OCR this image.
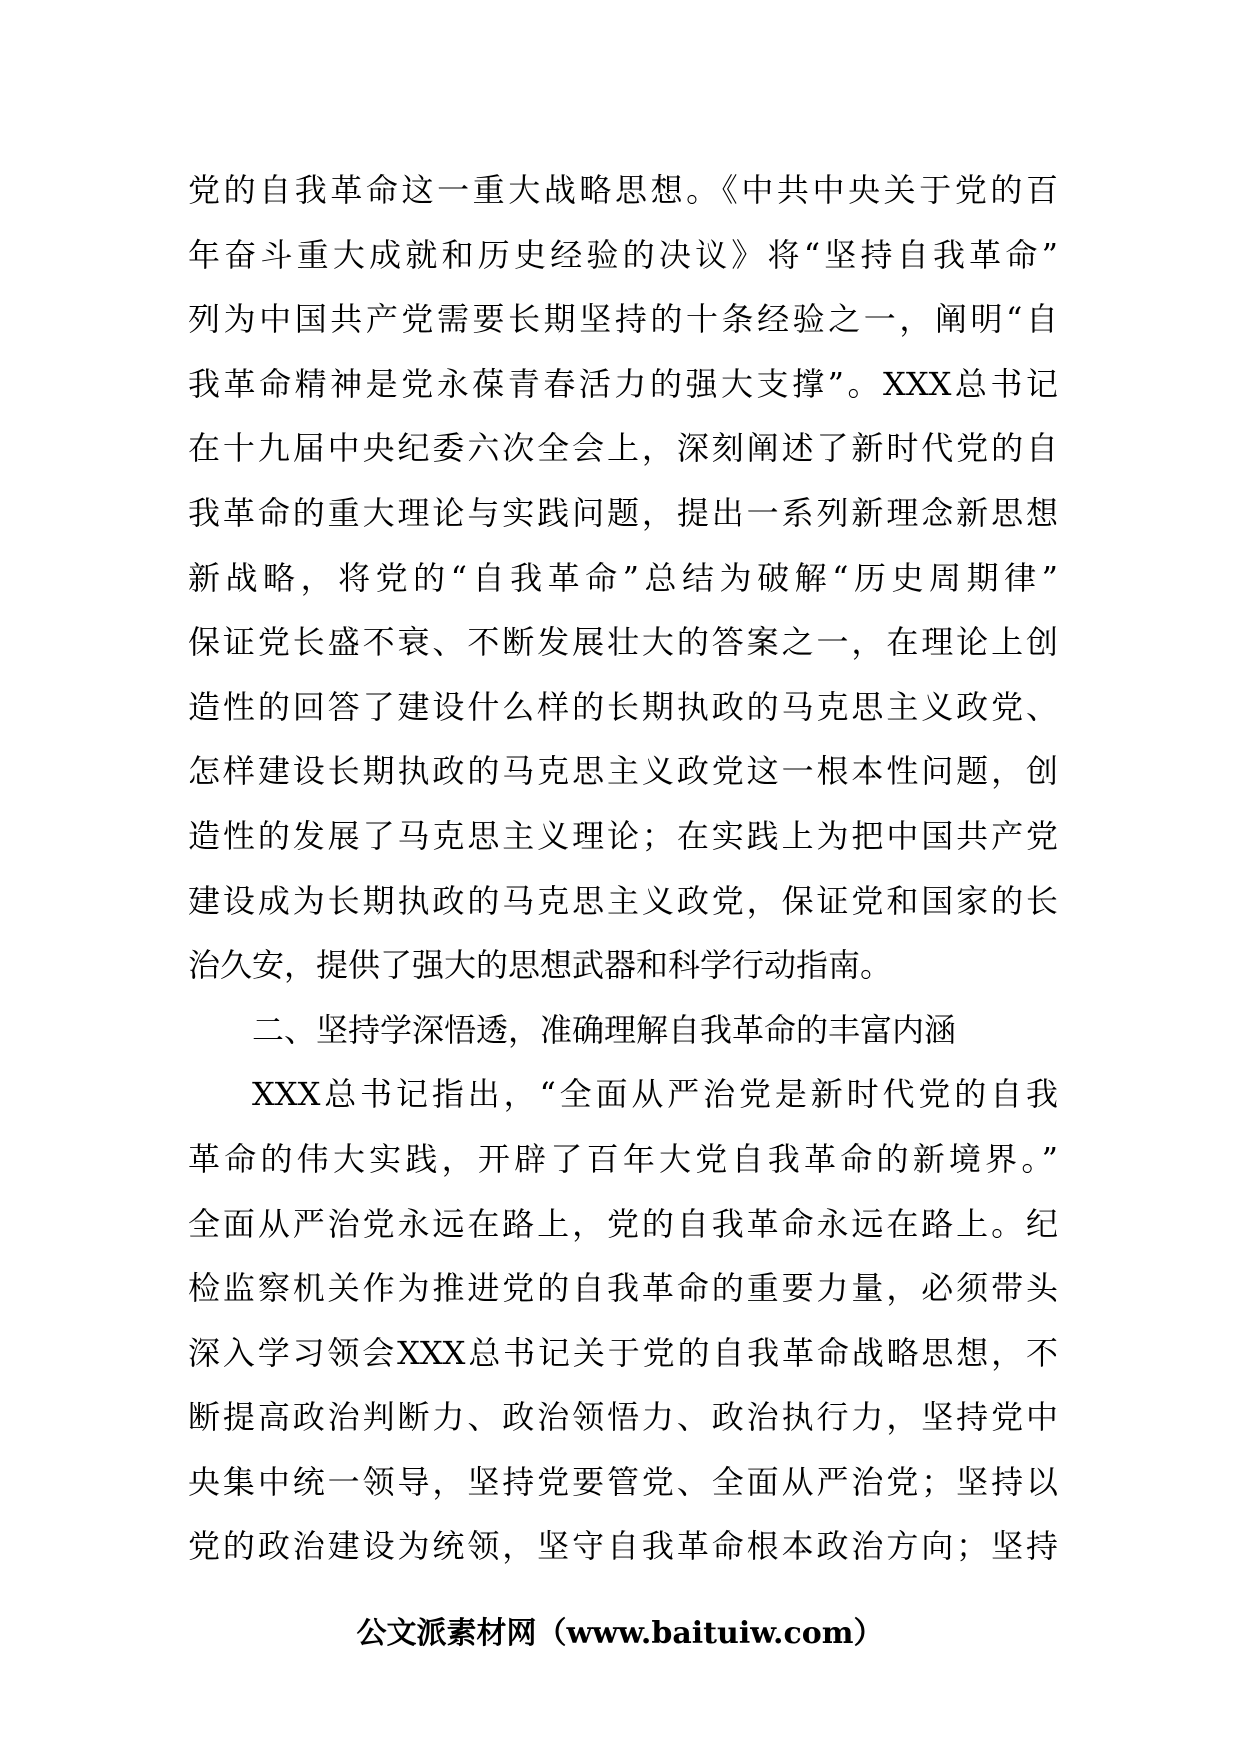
党的自我革命这一重大战略思想。《中共中央关于党的百
年奋斗重大成就和历史经验的决议》将“坚持自我革命”
列为中国共产党需要长期坚持的十条经验之一，阐明“自
我革命精神是党永葆青春活力的强大支撑”。XXX总书记
在十九届中央纪委六次全会上，深刻阐述了新时代党的自
我革命的重大理论与实践问题，提出一系列新理念新思想
新战略，将党的“自我革命”总结为破解“历史周期律”
保证党长盛不衰、不断发展壮大的答案之一，在理论上创
造性的回答了建设什么样的长期执政的马克思主义政党、
怎样建设长期执政的马克思主义政党这一根本性问题，创
造性的发展了马克思主义理论；在实践上为把中国共产党
建设成为长期执政的马克思主义政党，保证党和国家的长
治久安，提供了强大的思想武器和科学行动指南。
二、坚持学深悟透，准确理解自我革命的丰富内涵
XXX总书记指出，“全面从严治党是新时代党的自我
革命的伟大实践，开辟了百年大党自我革命的新境界。”
全面从严治党永远在路上，党的自我革命永远在路上。纪
检监察机关作为推进党的自我革命的重要力量，必须带头
深入学习领会XXX总书记关于党的自我革命战略思想，不
断提高政治判断力、政治领悟力、政治执行力，坚持党中
央集中统一领导，坚持党要管党、全面从严治党；坚持以
党的政治建设为统领，坚守自我革命根本政治方向；坚持
公文派素材网（www.baituiw.com）
